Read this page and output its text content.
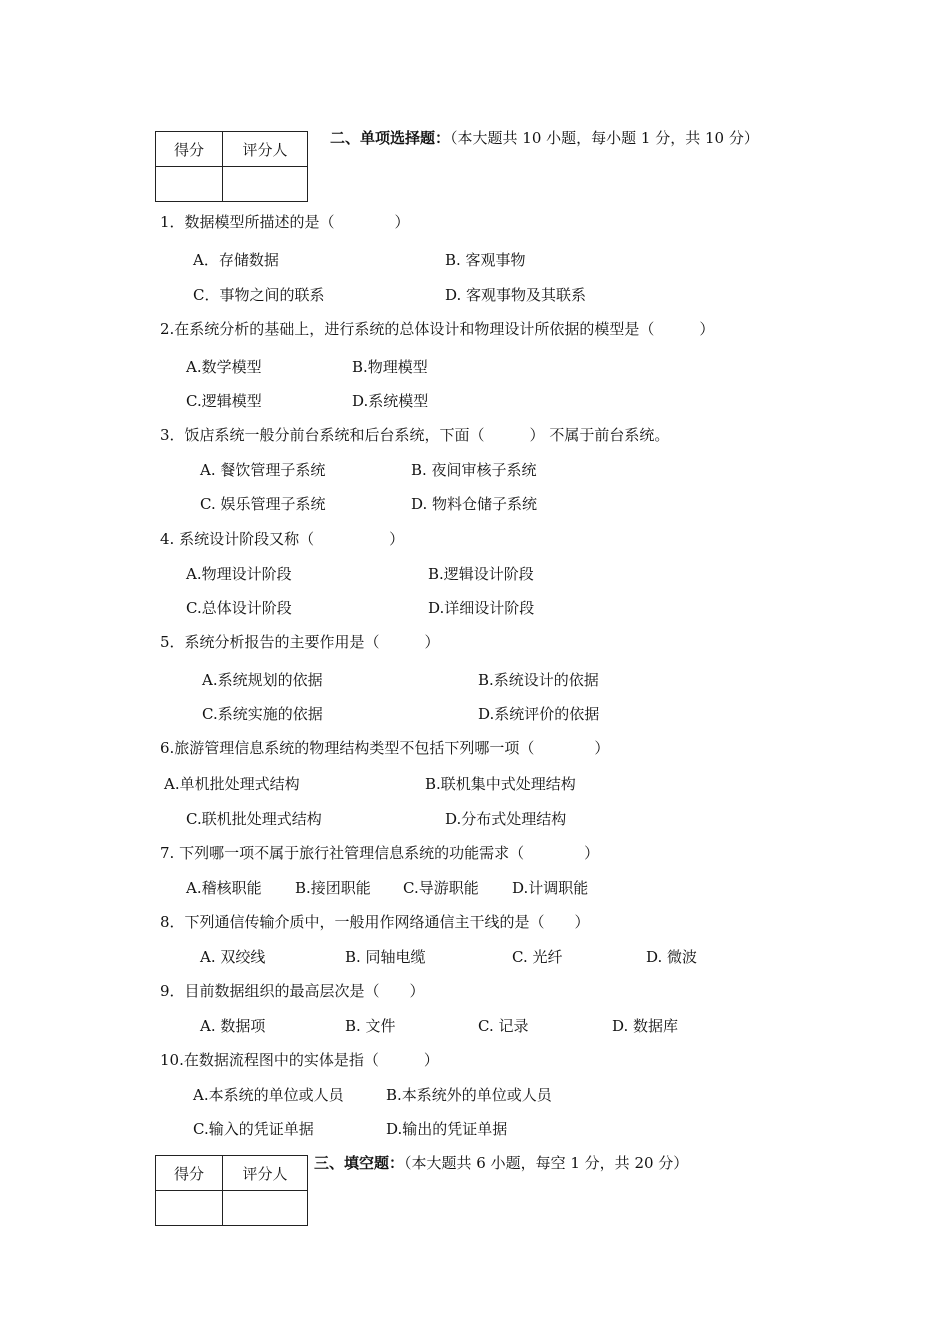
得分	评分人

二、单项选择题：（本大题共 10 小题，每小题 1 分，共 10 分）
1．数据模型所描述的是（　　　　）
A．存储数据	B. 客观事物
C．事物之间的联系	D. 客观事物及其联系
2.在系统分析的基础上，进行系统的总体设计和物理设计所依据的模型是（　　　）
A.数学模型	B.物理模型
C.逻辑模型	D.系统模型
3．饭店系统一般分前台系统和后台系统，下面（　　　） 不属于前台系统。
A. 餐饮管理子系统	B. 夜间审核子系统
C. 娱乐管理子系统	D. 物料仓储子系统
4. 系统设计阶段又称（　　　　　）
A.物理设计阶段	B.逻辑设计阶段
C.总体设计阶段	D.详细设计阶段
5．系统分析报告的主要作用是（　　　）
A.系统规划的依据	B.系统设计的依据
C.系统实施的依据	D.系统评价的依据
6.旅游管理信息系统的物理结构类型不包括下列哪一项（　　　　）
A.单机批处理式结构	B.联机集中式处理结构
C.联机批处理式结构	D.分布式处理结构
7. 下列哪一项不属于旅行社管理信息系统的功能需求（　　　　）
A.稽核职能 B.接团职能 C.导游职能 D.计调职能
8．下列通信传输介质中，一般用作网络通信主干线的是（　　）
A. 双绞线	B. 同轴电缆	C. 光纤	D. 微波
9．目前数据组织的最高层次是（　　）
A. 数据项	B. 文件	C. 记录	D. 数据库
10.在数据流程图中的实体是指（　　　）
A.本系统的单位或人员	B.本系统外的单位或人员
C.输入的凭证单据	D.输出的凭证单据
得分	评分人

三、填空题：（本大题共 6 小题，每空 1 分，共 20 分）
